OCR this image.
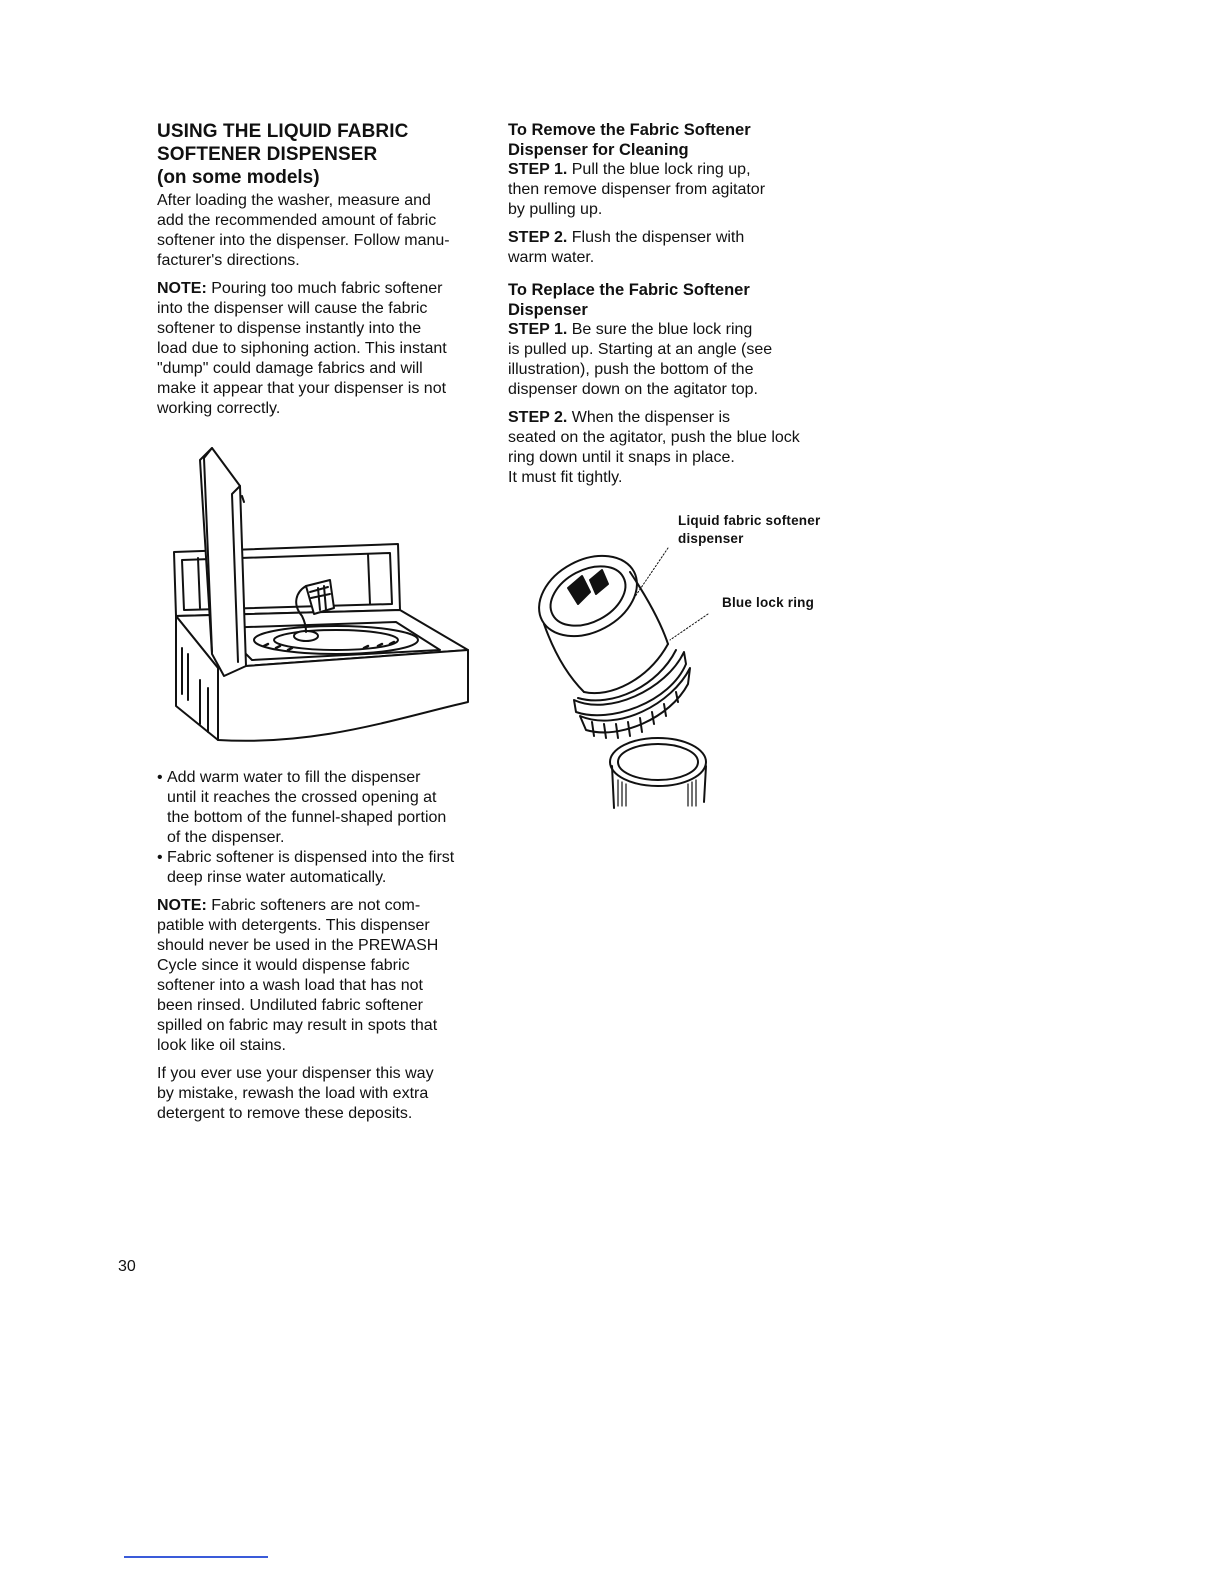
USING THE LIQUID FABRIC
SOFTENER DISPENSER
(on some models)

After loading the washer, measure and

add the recommended amount of fabric

softener into the dispenser. Follow manu-

facturer's directions.

NOTE: Pouring too much fabric softener

into the dispenser will cause the fabric

softener to dispense instantly into the

load due to siphoning action. This instant

"dump" could damage fabrics and will

make it appear that your dispenser is not

working correctly.

• Add warm water to fill the dispenser
until it reaches the crossed opening at
the bottom of the funnel-shaped portion
of the dispenser.
• Fabric softener is dispensed into the first
deep rinse water automatically.

NOTE: Fabric softeners are not com-

patible with detergents. This dispenser

should never be used in the PREWASH

Cycle since it would dispense fabric

softener into a wash load that has not

been rinsed. Undiluted fabric softener

spilled on fabric may result in spots that

look like oil stains.

If you ever use your dispenser this way

by mistake, rewash the load with extra

detergent to remove these deposits.

To Remove the Fabric Softener
Dispenser for Cleaning

STEP 1. Pull the blue lock ring up,

then remove dispenser from agitator

by pulling up.

STEP 2. Flush the dispenser with

warm water.

To Replace the Fabric Softener
Dispenser

STEP 1. Be sure the blue lock ring

is pulled up. Starting at an angle (see

illustration), push the bottom of the

dispenser down on the agitator top.

STEP 2. When the dispenser is

seated on the agitator, push the blue lock

ring down until it snaps in place.

It must fit tightly.

Liquid fabric softener
dispenser
Blue lock ring
30
